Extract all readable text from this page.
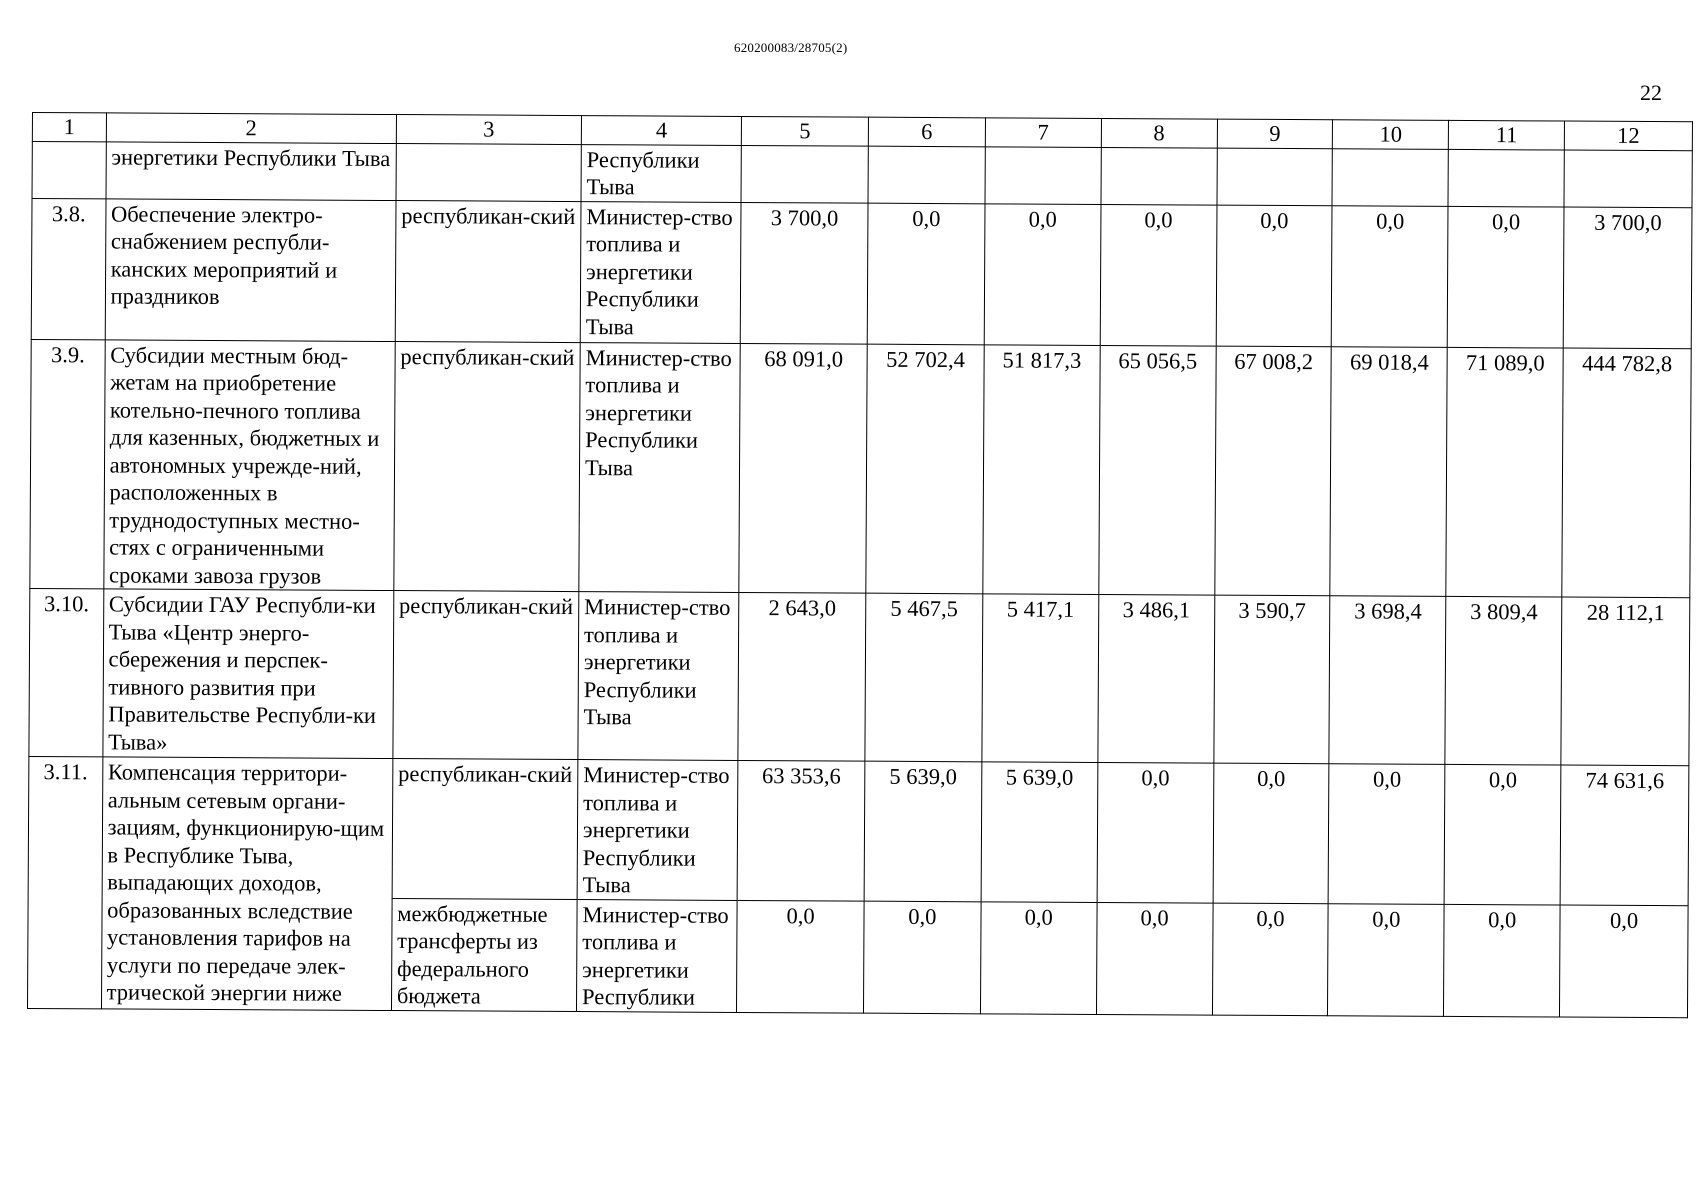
620200083/28705(2)
22
1	2	3	4	5	6	7	8	9	10	11	12
	энергетики Республики Тыва		Республики Тыва								
3.8.	Обеспечение электро-снабжением республи-канских мероприятий и праздников	республикан-ский	Министер-ство топлива и энергетики Республики Тыва	3 700,0	0,0	0,0	0,0	0,0	0,0	0,0	3 700,0
3.9.	Субсидии местным бюд-жетам на приобретение котельно-печного топлива для казенных, бюджетных и автономных учрежде-ний, расположенных в труднодоступных местно-стях с ограниченными сроками завоза грузов	республикан-ский	Министер-ство топлива и энергетики Республики Тыва	68 091,0	52 702,4	51 817,3	65 056,5	67 008,2	69 018,4	71 089,0	444 782,8
3.10.	Субсидии ГАУ Республи-ки Тыва «Центр энерго-сбережения и перспек-тивного развития при Правительстве Республи-ки Тыва»	республикан-ский	Министер-ство топлива и энергетики Республики Тыва	2 643,0	5 467,5	5 417,1	3 486,1	3 590,7	3 698,4	3 809,4	28 112,1
3.11.	Компенсация территори-альным сетевым органи-зациям, функционирую-щим в Республике Тыва, выпадающих доходов, образованных вследствие установления тарифов на услуги по передаче элек-трической энергии ниже	республикан-ский	Министер-ство топлива и энергетики Республики Тыва	63 353,6	5 639,0	5 639,0	0,0	0,0	0,0	0,0	74 631,6
		межбюджетные трансферты из федерального бюджета	Министер-ство топлива и энергетики Республики	0,0	0,0	0,0	0,0	0,0	0,0	0,0	0,0
